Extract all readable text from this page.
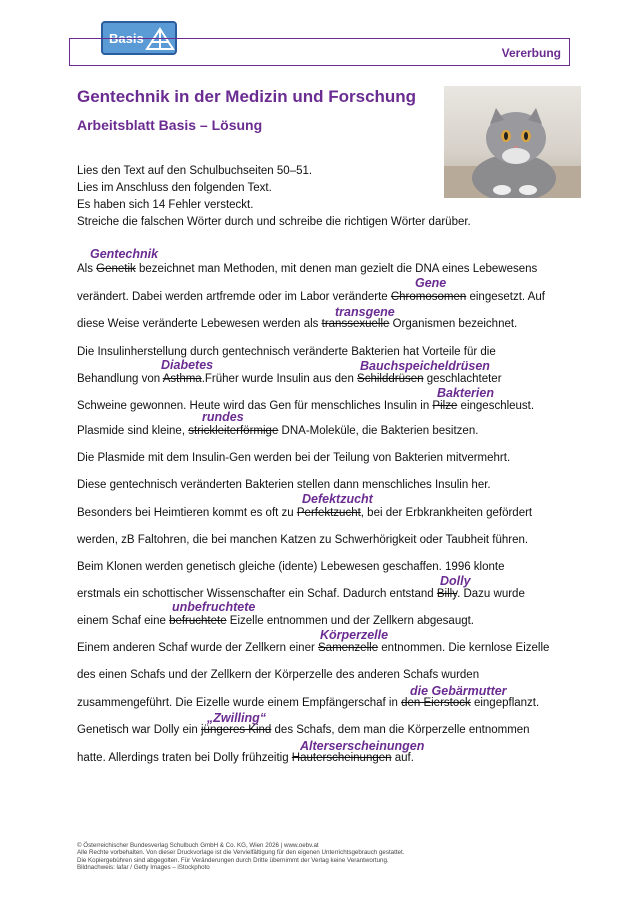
Basis
Vererbung
Gentechnik in der Medizin und Forschung
Arbeitsblatt Basis – Lösung
Lies den Text auf den Schulbuchseiten 50–51.
Lies im Anschluss den folgenden Text.
Es haben sich 14 Fehler versteckt.
Streiche die falschen Wörter durch und schreibe die richtigen Wörter darüber.
Gentechnik
Gene
transgene
Diabetes	Bauchspeicheldrüsen
Bakterien
rundes
Defektzucht
Dolly
unbefruchtete
Körperzelle
die Gebärmutter
„Zwilling“
Alterserscheinungen
Als Genetik bezeichnet man Methoden, mit denen man gezielt die DNA eines Lebewesens
verändert. Dabei werden artfremde oder im Labor veränderte Chromosomen eingesetzt. Auf
diese Weise veränderte Lebewesen werden als transsexuelle Organismen bezeichnet.
Die Insulinherstellung durch gentechnisch veränderte Bakterien hat Vorteile für die
Behandlung von Asthma.Früher wurde Insulin aus den Schilddrüsen geschlachteter
Schweine gewonnen. Heute wird das Gen für menschliches Insulin in Pilze eingeschleust.
Plasmide sind kleine, strickleiterförmige DNA-Moleküle, die Bakterien besitzen.
Die Plasmide mit dem Insulin-Gen werden bei der Teilung von Bakterien mitvermehrt.
Diese gentechnisch veränderten Bakterien stellen dann menschliches Insulin her.
Besonders bei Heimtieren kommt es oft zu Perfektzucht, bei der Erbkrankheiten gefördert
werden, zB Faltohren, die bei manchen Katzen zu Schwerhörigkeit oder Taubheit führen.
Beim Klonen werden genetisch gleiche (idente) Lebewesen geschaffen. 1996 klonte
erstmals ein schottischer Wissenschafter ein Schaf. Dadurch entstand Billy. Dazu wurde
einem Schaf eine befruchtete Eizelle entnommen und der Zellkern abgesaugt.
Einem anderen Schaf wurde der Zellkern einer Samenzelle entnommen. Die kernlose Eizelle
des einen Schafs und der Zellkern der Körperzelle des anderen Schafs wurden
zusammengeführt. Die Eizelle wurde einem Empfängerschaf in den Eierstock eingepflanzt.
Genetisch war Dolly ein jüngeres Kind des Schafs, dem man die Körperzelle entnommen
hatte. Allerdings traten bei Dolly frühzeitig Hauterscheinungen auf.
© Österreichischer Bundesverlag Schulbuch GmbH & Co. KG, Wien 2026 | www.oebv.at
Alle Rechte vorbehalten. Von dieser Druckvorlage ist die Vervielfältigung für den eigenen Unterrichtsgebrauch gestattet.
Die Kopiergebühren sind abgegolten. Für Veränderungen durch Dritte übernimmt der Verlag keine Verantwortung.
Bildnachweis: lafar / Getty Images – iStockphoto
